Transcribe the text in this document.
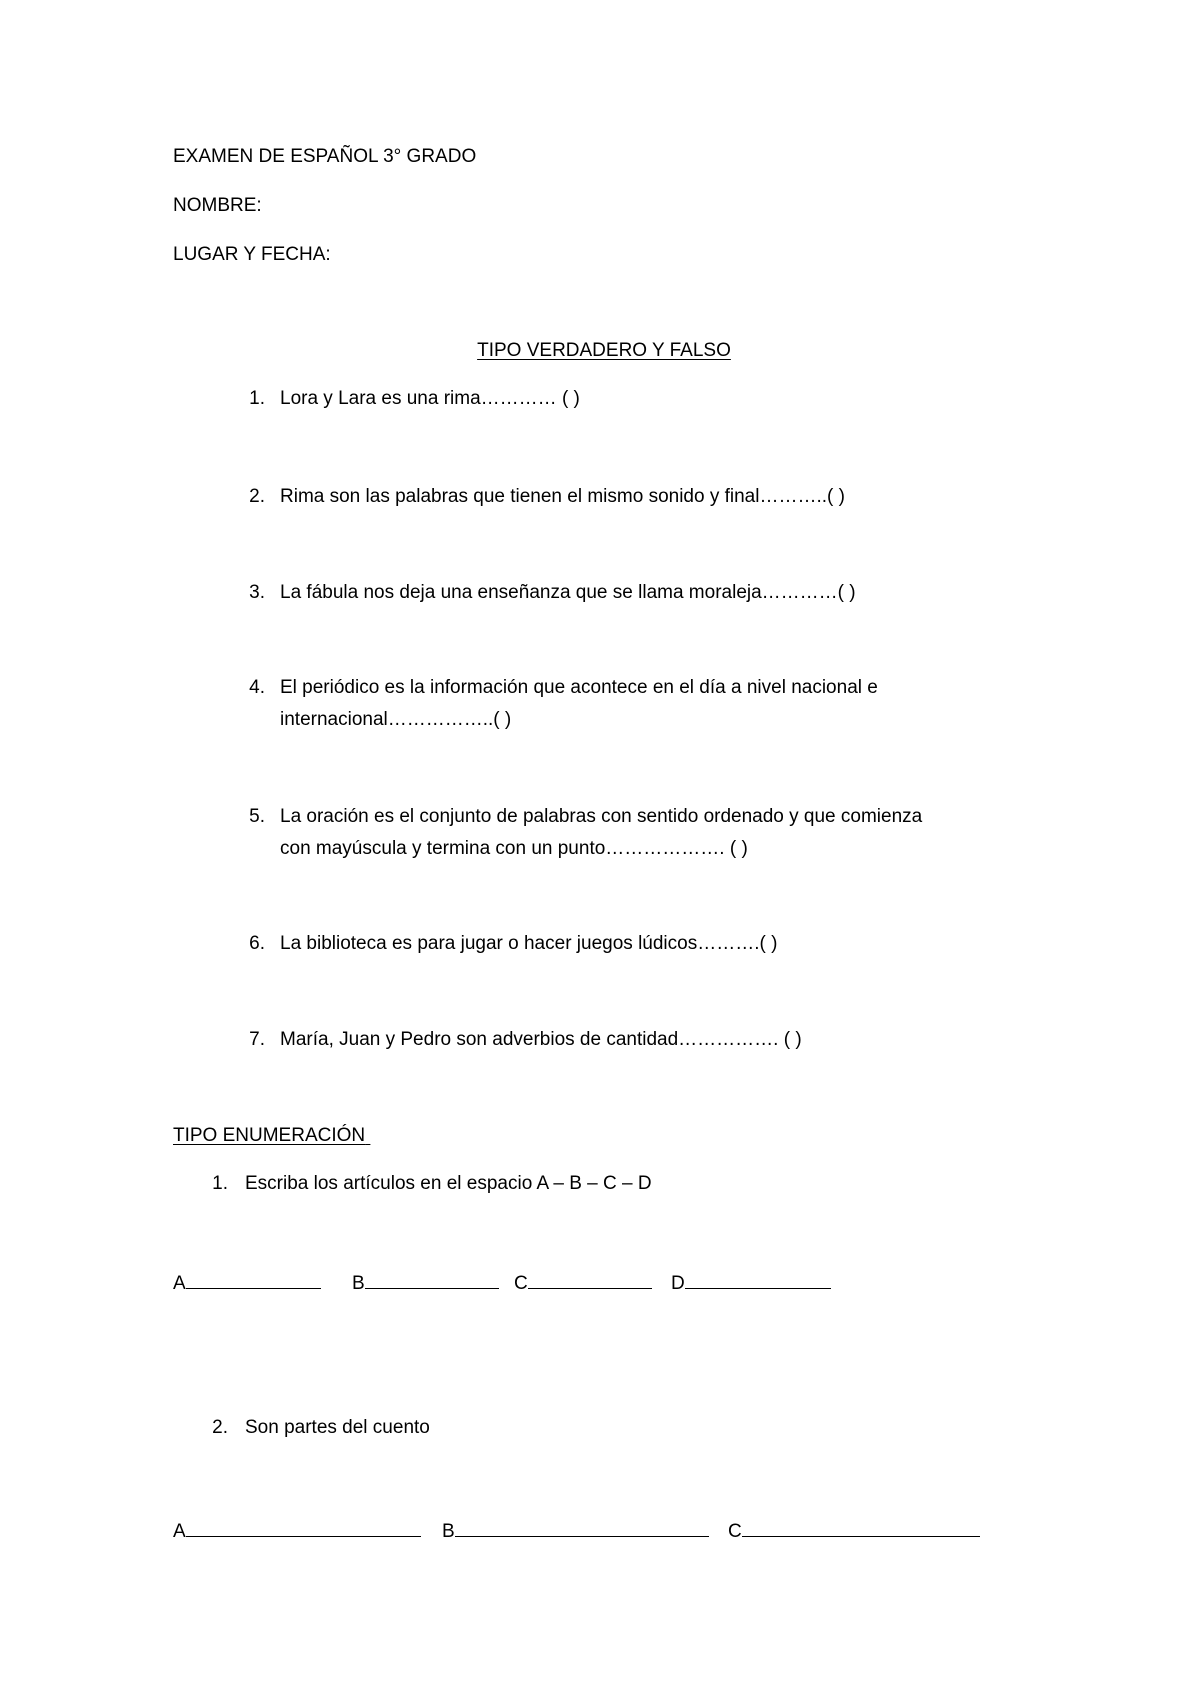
EXAMEN DE ESPAÑOL 3° GRADO
NOMBRE:
LUGAR Y FECHA:
TIPO VERDADERO Y FALSO
1. Lora y Lara es una rima………… ( )
2. Rima son las palabras que tienen el mismo sonido y final………..( )
3. La fábula nos deja una enseñanza que se llama moraleja…………( )
4. El periódico es la información que acontece en el día a nivel nacional e
internacional……………..( )
5. La oración es el conjunto de palabras con sentido ordenado y que comienza
con mayúscula y termina con un punto………………. ( )
6. La biblioteca es para jugar o hacer juegos lúdicos……….( )
7. María, Juan y Pedro son adverbios de cantidad……………. ( )
TIPO ENUMERACIÓN
1. Escriba los artículos en el espacio A – B – C – D
A	B	C	D
2. Son partes del cuento
A	B	C
